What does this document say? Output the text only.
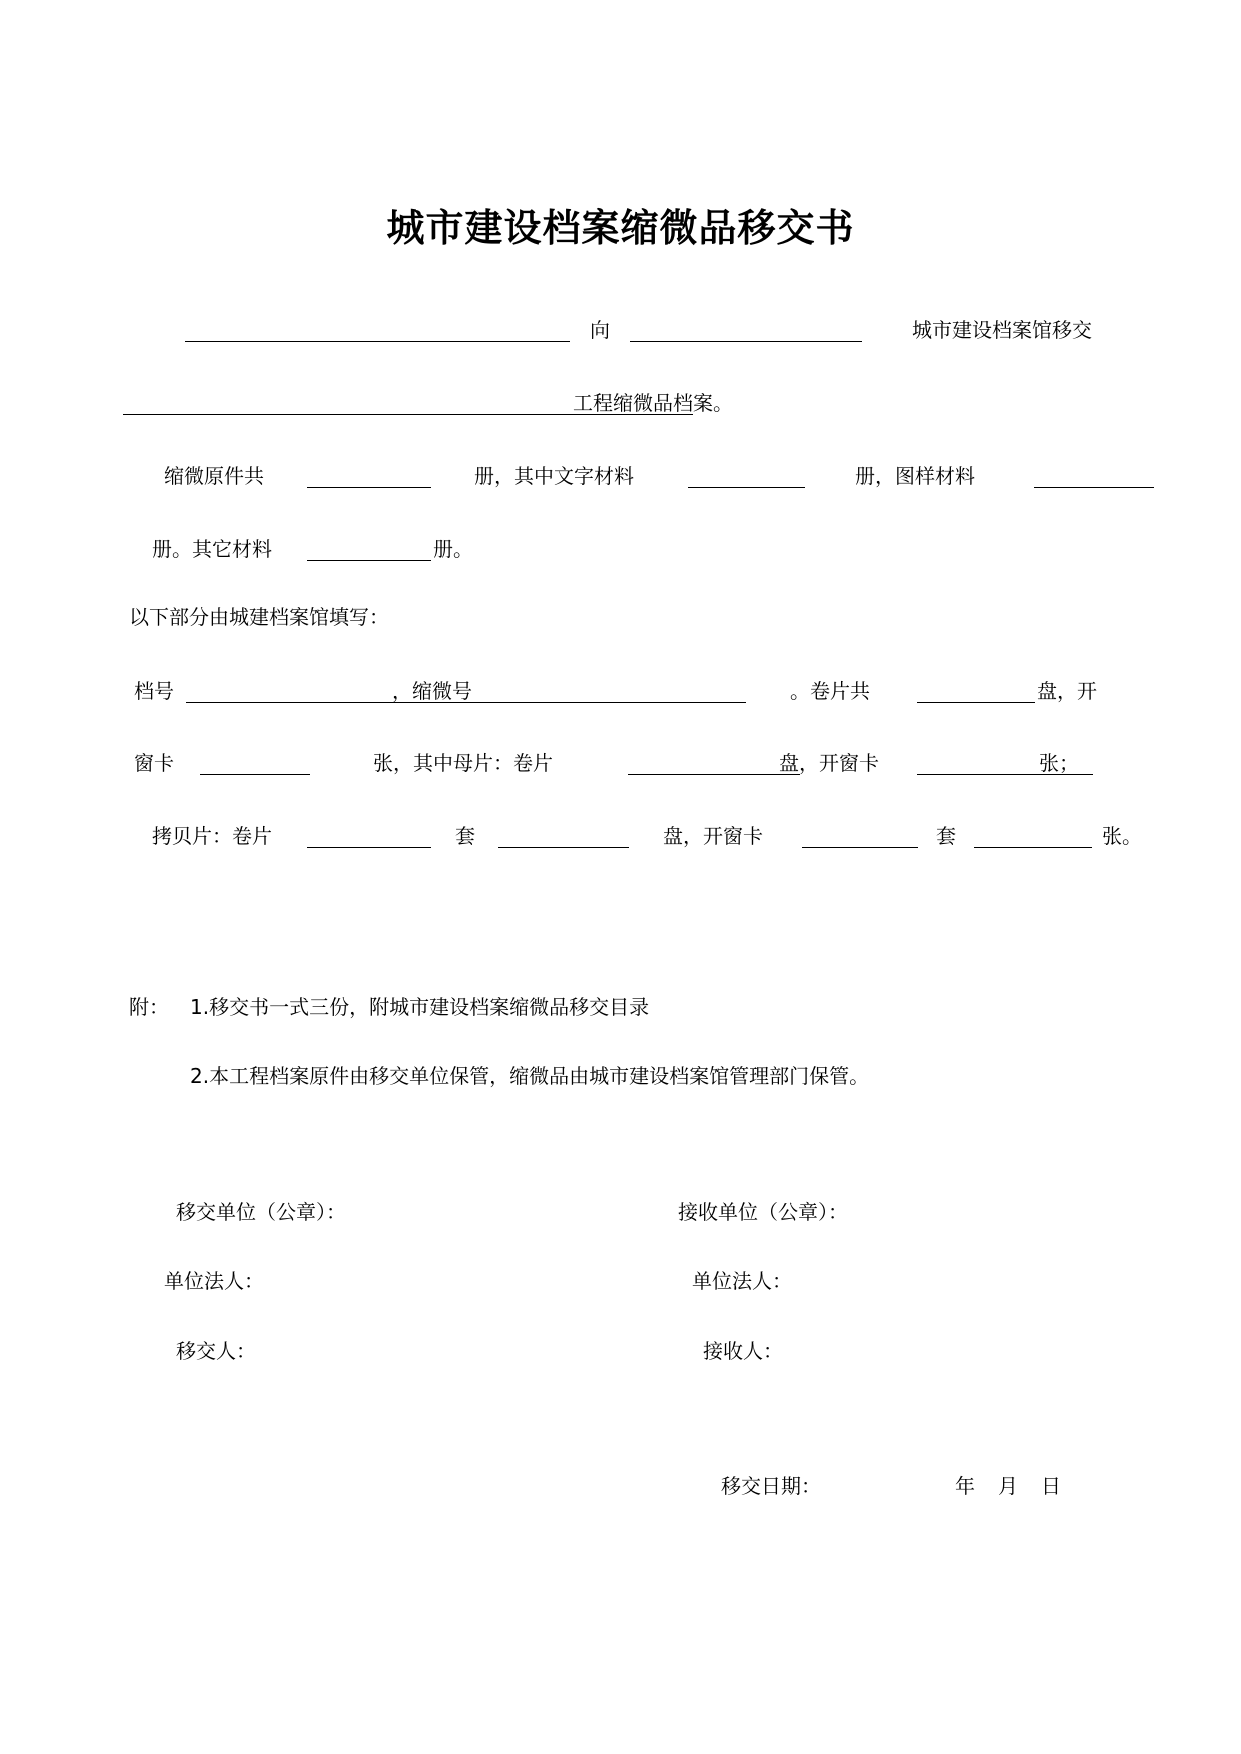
城市建设档案缩微品移交书
向	城市建设档案馆移交
工程缩微品档案。
缩微原件共	册，其中文字材料	册，图样材料
册。其它材料	册。
以下部分由城建档案馆填写：
档号	，缩微号	。卷片共	盘，开
窗卡	张，其中母片：卷片	盘，开窗卡	张；
拷贝片：卷片	套	盘，开窗卡	套	张。
附： 1.移交书一式三份，附城市建设档案缩微品移交目录
2.本工程档案原件由移交单位保管，缩微品由城市建设档案馆管理部门保管。
移交单位（公章）：	接收单位（公章）：
单位法人：	单位法人：
移交人：	接收人：
移交日期：	年 月 日
